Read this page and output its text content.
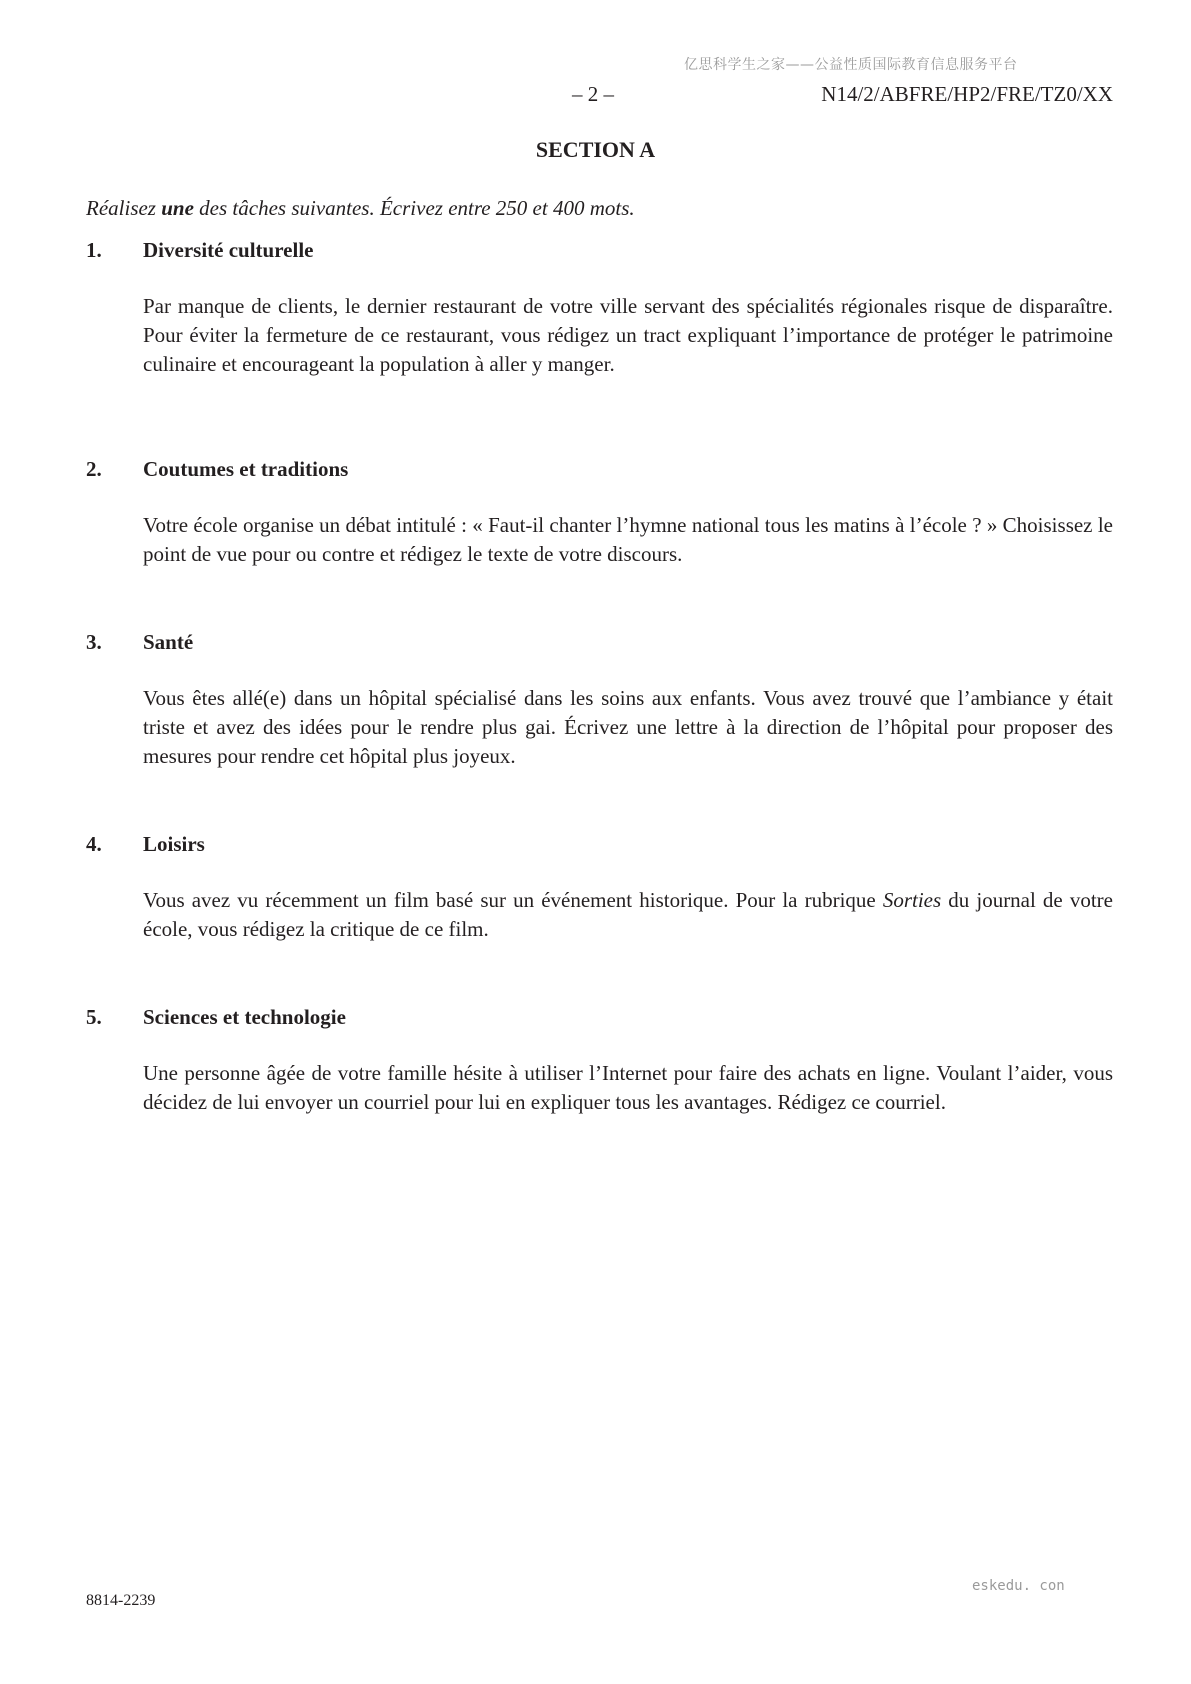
亿思科学生之家——公益性质国际教育信息服务平台
– 2 –	N14/2/ABFRE/HP2/FRE/TZ0/XX
SECTION A
Réalisez une des tâches suivantes. Écrivez entre 250 et 400 mots.
1.	Diversité culturelle
Par manque de clients, le dernier restaurant de votre ville servant des spécialités régionales risque de disparaître. Pour éviter la fermeture de ce restaurant, vous rédigez un tract expliquant l’importance de protéger le patrimoine culinaire et encourageant la population à aller y manger.
2.	Coutumes et traditions
Votre école organise un débat intitulé : « Faut-il chanter l’hymne national tous les matins à l’école ? » Choisissez le point de vue pour ou contre et rédigez le texte de votre discours.
3.	Santé
Vous êtes allé(e) dans un hôpital spécialisé dans les soins aux enfants. Vous avez trouvé que l’ambiance y était triste et avez des idées pour le rendre plus gai. Écrivez une lettre à la direction de l’hôpital pour proposer des mesures pour rendre cet hôpital plus joyeux.
4.	Loisirs
Vous avez vu récemment un film basé sur un événement historique. Pour la rubrique Sorties du journal de votre école, vous rédigez la critique de ce film.
5.	Sciences et technologie
Une personne âgée de votre famille hésite à utiliser l’Internet pour faire des achats en ligne. Voulant l’aider, vous décidez de lui envoyer un courriel pour lui en expliquer tous les avantages. Rédigez ce courriel.
8814-2239
eskedu. con
